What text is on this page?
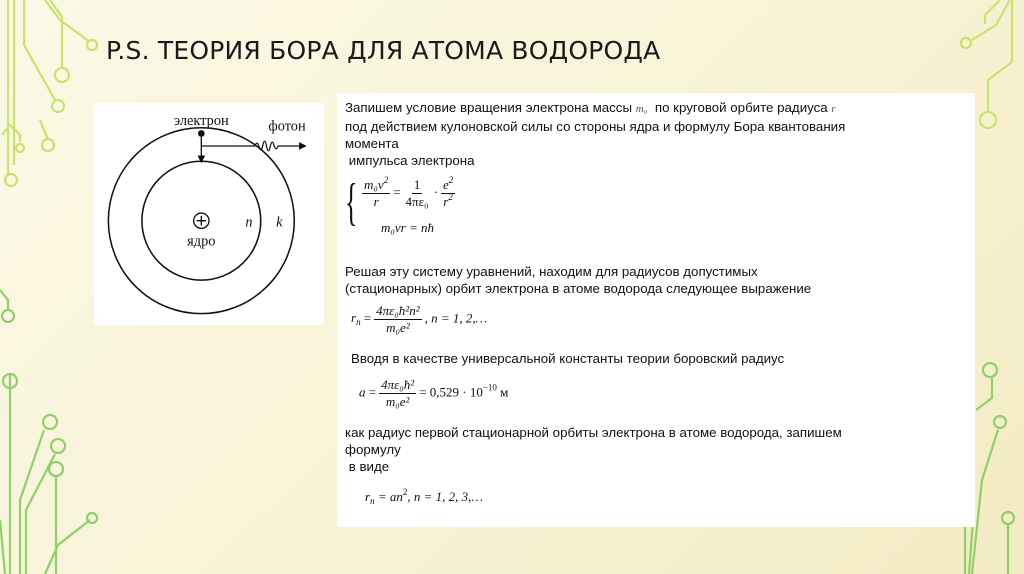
P.S. ТЕОРИЯ БОРА ДЛЯ АТОМА ВОДОРОДА
электрон	фотон
ядро
n k
Запишем условие вращения электрона массы m₀ по круговой орбите радиуса r
под действием кулоновской силы со стороны ядра и формулу Бора квантования
момента
импульса электрона
{ $\frac{m_0v^2}{r} = \frac{1}{\text{4πε₀}} \cdot \frac{e^2}{r^2}$
m₀vr = nħ
Решая эту систему уравнений, находим для радиусов допустимых
(стационарных) орбит электрона в атоме водорода следующее выражение
$r_n = \frac{\text{4πε₀ħ²n²}}{\text{m₀e²}}$ , n = 1, 2,…
Вводя в качестве универсальной константы теории боровский радиус
$a = \frac{\text{4πε₀ħ²}}{\text{m₀e²}} = 0,529 \cdot 10^{-10}$ м
как радиус первой стационарной орбиты электрона в атоме водорода, запишем
формулу
в виде
$r_n = an^2$, n = 1, 2, 3,…
